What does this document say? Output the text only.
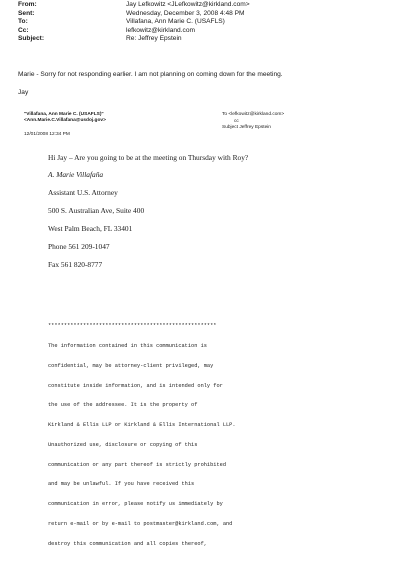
From:	Jay Lefkowitz <JLefkowitz@kirkland.com>
Sent:	Wednesday, December 3, 2008 4:48 PM
To:	Villafana, Ann Marie C. (USAFLS)
Cc:	lefkowitz@kirkland.com
Subject:	Re: Jeffrey Epstein
Marie - Sorry for not responding earlier. I am not planning on coming down for the meeting.
Jay
"Villafana, Ann Marie C. (USAFLS)"
<Ann.Marie.C.Villafana@usdoj.gov>
12/01/2008 12:34 PM
To <lefkowitz@kirkland.com>
cc
Subject Jeffrey Epstein
Hi Jay – Are you going to be at the meeting on Thursday with Roy?
A. Marie Villafaña
Assistant U.S. Attorney
500 S. Australian Ave, Suite 400
West Palm Beach, FL 33401
Phone 561 209-1047
Fax 561 820-8777

*****************************************************

The information contained in this communication is

confidential, may be attorney-client privileged, may

constitute inside information, and is intended only for

the use of the addressee. It is the property of

Kirkland & Ellis LLP or Kirkland & Ellis International LLP.

Unauthorized use, disclosure or copying of this

communication or any part thereof is strictly prohibited

and may be unlawful. If you have received this

communication in error, please notify us immediately by

return e-mail or by e-mail to postmaster@kirkland.com, and

destroy this communication and all copies thereof,
